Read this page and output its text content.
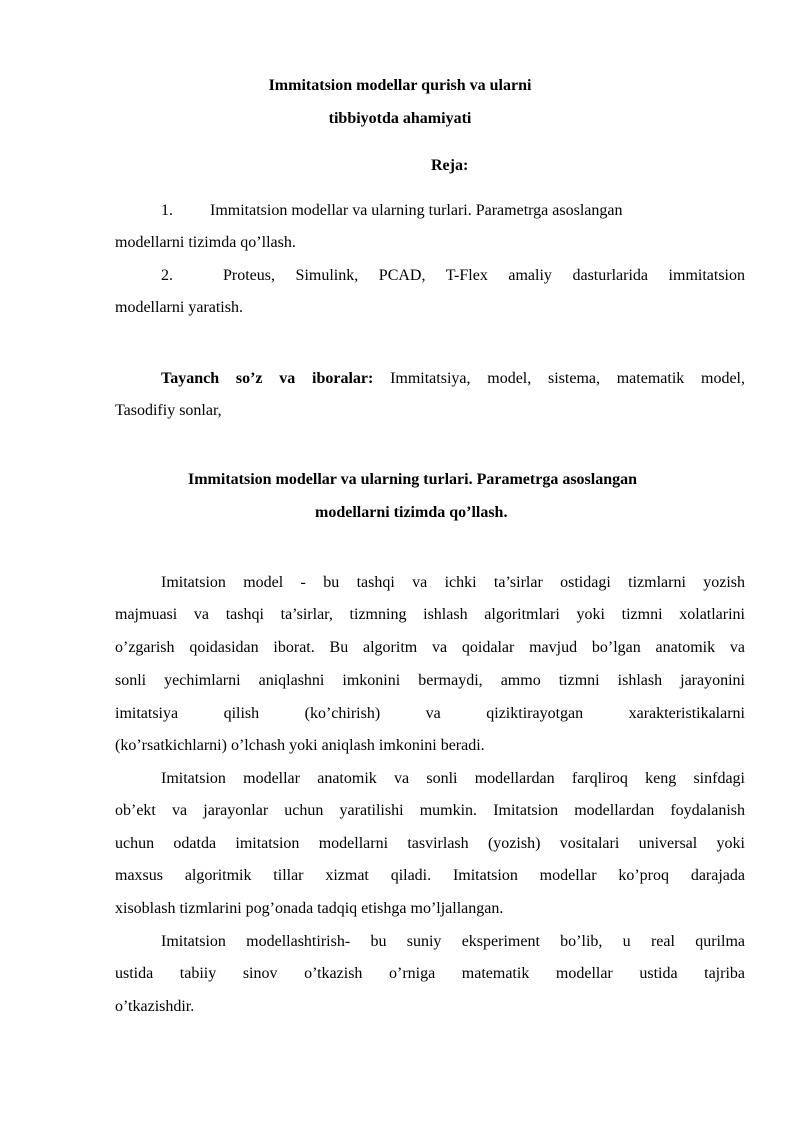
Immitatsion modellar qurish va ularni
tibbiyotda ahamiyati
Reja:
1. Immitatsion modellar va ularning turlari. Parametrga asoslangan
modellarni tizimda qo’llash.
2.	Proteus, Simulink, PCAD, T-Flex amaliy dasturlarida immitatsion
modellarni yaratish.
Tayanch so’z va iboralar: Immitatsiya, model, sistema, matematik model,
Tasodifiy sonlar,
Immitatsion modellar va ularning turlari. Parametrga asoslangan
modellarni tizimda qo’llash.
Imitatsion model - bu tashqi va ichki ta’sirlar ostidagi tizmlarni yozish
majmuasi va tashqi ta’sirlar, tizmning ishlash algoritmlari yoki tizmni xolatlarini
o’zgarish qoidasidan iborat. Bu algoritm va qoidalar mavjud bo’lgan anatomik va
sonli yechimlarni aniqlashni imkonini bermaydi, ammo tizmni ishlash jarayonini
imitatsiya qilish (ko’chirish) va qiziktirayotgan xarakteristikalarni
(ko’rsatkichlarni) o’lchash yoki aniqlash imkonini beradi.
Imitatsion modellar anatomik va sonli modellardan farqliroq keng sinfdagi
ob’ekt va jarayonlar uchun yaratilishi mumkin. Imitatsion modellardan foydalanish
uchun odatda imitatsion modellarni tasvirlash (yozish) vositalari universal yoki
maxsus algoritmik tillar xizmat qiladi. Imitatsion modellar ko’proq darajada
xisoblash tizmlarini pog’onada tadqiq etishga mo’ljallangan.
Imitatsion modellashtirish- bu suniy eksperiment bo’lib, u real qurilma
ustida tabiiy sinov o’tkazish o’rniga matematik modellar ustida tajriba
o’tkazishdir.
